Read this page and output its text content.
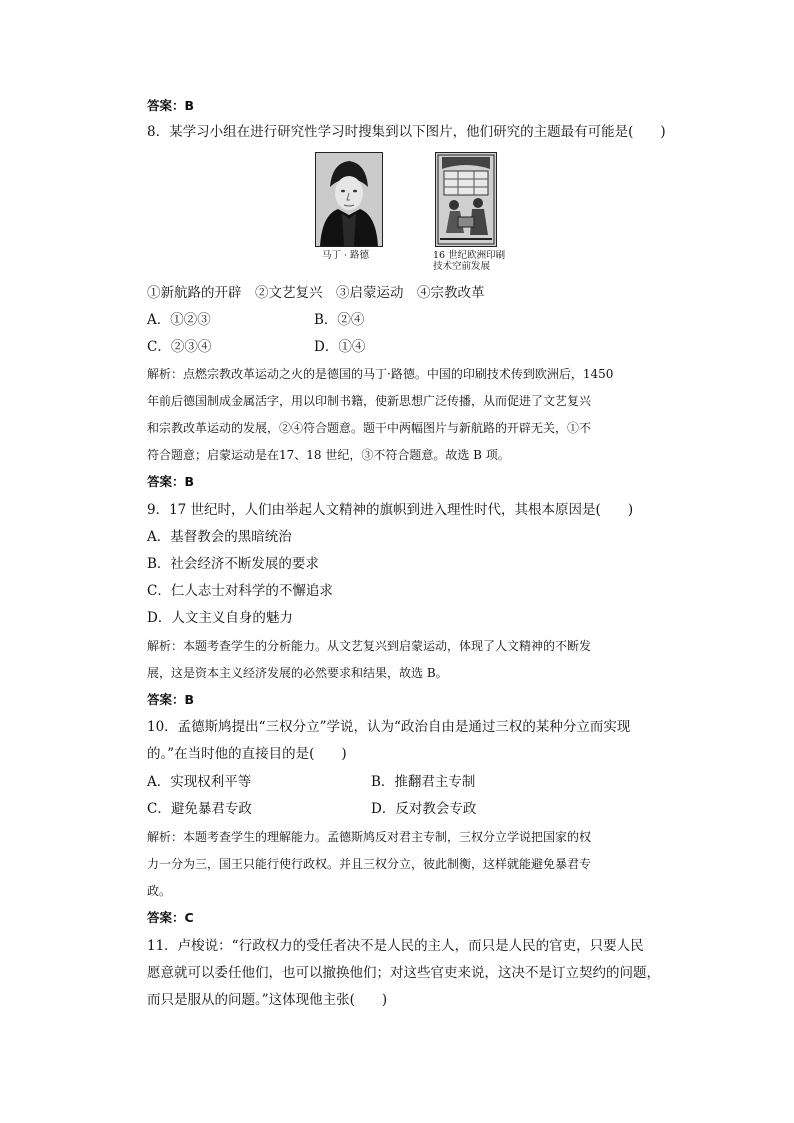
答案：B
8．某学习小组在进行研究性学习时搜集到以下图片，他们研究的主题最有可能是(　　)
马丁 · 路德	16 世纪欧洲印刷
技术空前发展
①新航路的开辟　②文艺复兴　③启蒙运动　④宗教改革
A．①②③	B．②④
C．②③④	D．①④
解析：点燃宗教改革运动之火的是德国的马丁·路德。中国的印刷技术传到欧洲后，1450
年前后德国制成金属活字，用以印制书籍，使新思想广泛传播，从而促进了文艺复兴
和宗教改革运动的发展，②④符合题意。题干中两幅图片与新航路的开辟无关，①不
符合题意；启蒙运动是在17、18 世纪，③不符合题意。故选 B 项。
答案：B
9．17 世纪时，人们由举起人文精神的旗帜到进入理性时代，其根本原因是(　　)
A．基督教会的黑暗统治
B．社会经济不断发展的要求
C．仁人志士对科学的不懈追求
D．人文主义自身的魅力
解析：本题考查学生的分析能力。从文艺复兴到启蒙运动，体现了人文精神的不断发
展，这是资本主义经济发展的必然要求和结果，故选 B。
答案：B
10．孟德斯鸠提出“三权分立”学说，认为“政治自由是通过三权的某种分立而实现
的。”在当时他的直接目的是(　　)
A．实现权利平等	B．推翻君主专制
C．避免暴君专政	D．反对教会专政
解析：本题考查学生的理解能力。孟德斯鸠反对君主专制，三权分立学说把国家的权
力一分为三，国王只能行使行政权。并且三权分立，彼此制衡，这样就能避免暴君专
政。
答案：C
11．卢梭说：“行政权力的受任者决不是人民的主人，而只是人民的官吏，只要人民
愿意就可以委任他们，也可以撤换他们；对这些官吏来说，这决不是订立契约的问题，
而只是服从的问题。”这体现他主张(　　)
